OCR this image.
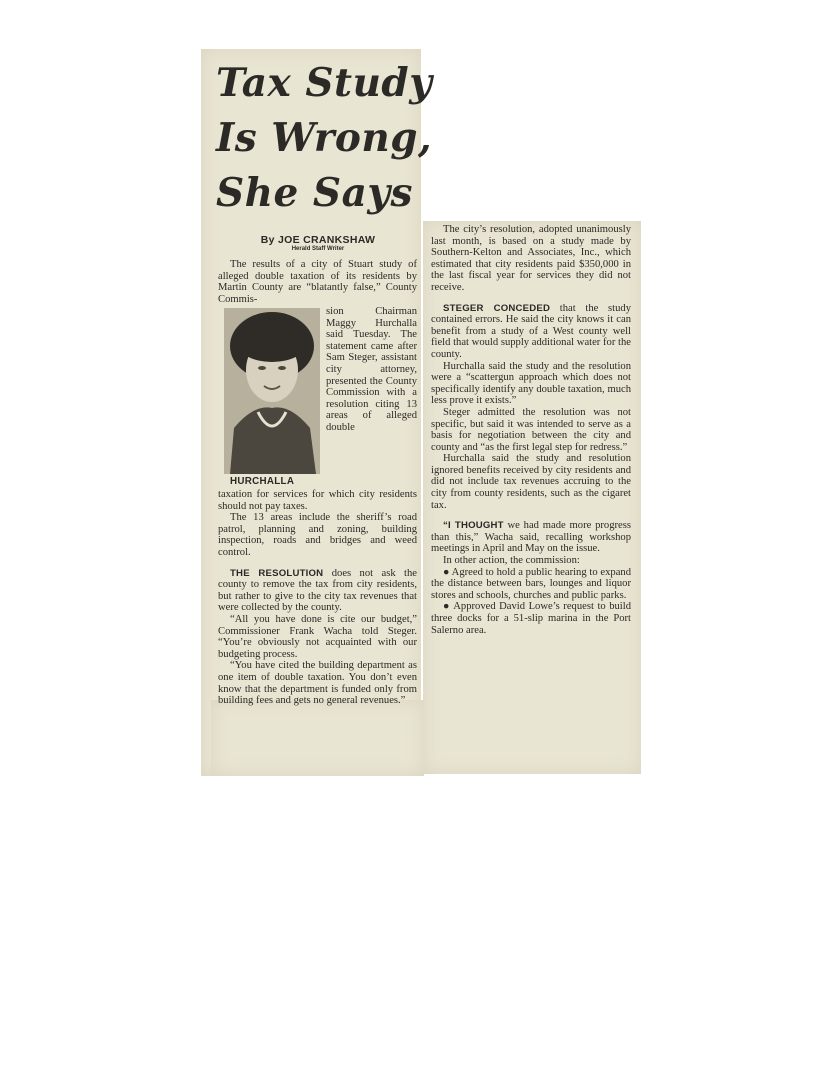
Tax Study
Is Wrong,
She Says
By JOE CRANKSHAW
Herald Staff Writer

The results of a city of Stuart study of alleged double taxation of its residents by Martin County are “blatantly false,” County Commis-

sion Chairman Maggy Hurchalla said Tuesday. The statement came after Sam Steger, assistant city attorney, presented the County Commission with a resolution citing 13 areas of alleged double

HURCHALLA

taxation for services for which city residents should not pay taxes.

The 13 areas include the sheriff’s road patrol, planning and zoning, building inspection, roads and bridges and weed control.

THE RESOLUTION does not ask the county to remove the tax from city residents, but rather to give to the city tax revenues that were collected by the county.

“All you have done is cite our budget,” Commissioner Frank Wacha told Steger. “You’re obviously not acquainted with our budgeting process.

“You have cited the building department as one item of double taxation. You don’t even know that the department is funded only from building fees and gets no general revenues.”

The city’s resolution, adopted unanimously last month, is based on a study made by Southern-Kelton and Associates, Inc., which estimated that city residents paid $350,000 in the last fiscal year for services they did not receive.

STEGER CONCEDED that the study contained errors. He said the city knows it can benefit from a study of a West county well field that would supply additional water for the county.

Hurchalla said the study and the resolution were a “scattergun approach which does not specifically identify any double taxation, much less prove it exists.”

Steger admitted the resolution was not specific, but said it was intended to serve as a basis for negotiation between the city and county and “as the first legal step for redress.”

Hurchalla said the study and resolution ignored benefits received by city residents and did not include tax revenues accruing to the city from county residents, such as the cigaret tax.

“I THOUGHT we had made more progress than this,” Wacha said, recalling workshop meetings in April and May on the issue.

In other action, the commission:

● Agreed to hold a public hearing to expand the distance between bars, lounges and liquor stores and schools, churches and public parks.

● Approved David Lowe’s request to build three docks for a 51-slip marina in the Port Salerno area.
